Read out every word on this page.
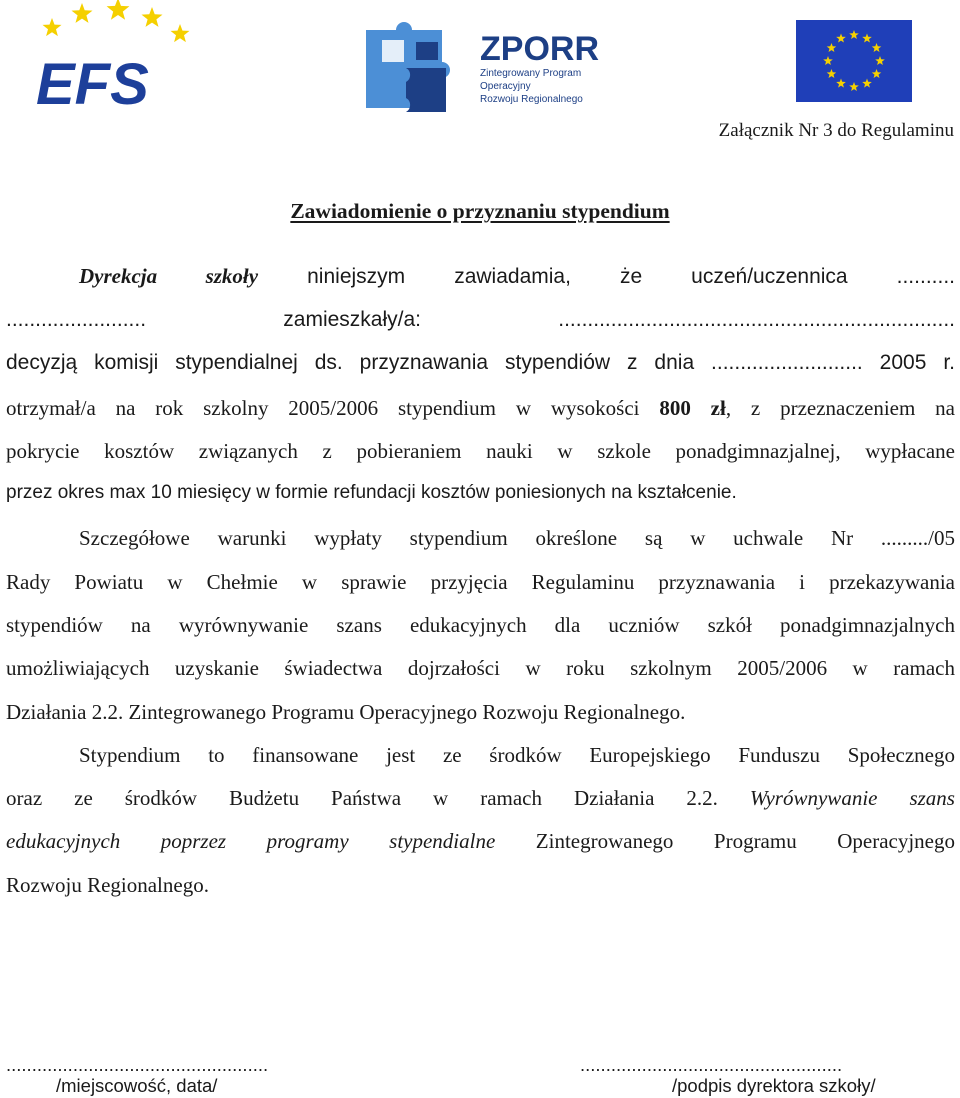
EFS
ZPORR
Zintegrowany Program
Operacyjny
Rozwoju Regionalnego
Załącznik Nr 3 do Regulaminu
Zawiadomienie o przyznaniu stypendium
Dyrekcja szkoły niniejszym zawiadamia, że uczeń/uczennica ..........
........................ zamieszkały/a: ....................................................................
decyzją komisji stypendialnej ds. przyznawania stypendiów z dnia .......................... 2005 r.
otrzymał/a na rok szkolny 2005/2006 stypendium w wysokości 800 zł, z przeznaczeniem na
pokrycie kosztów związanych z pobieraniem nauki w szkole ponadgimnazjalnej, wypłacane
przez okres max 10 miesięcy w formie refundacji kosztów poniesionych na kształcenie.
Szczegółowe warunki wypłaty stypendium określone są w uchwale Nr ........./05
Rady Powiatu w Chełmie w sprawie przyjęcia Regulaminu przyznawania i przekazywania
stypendiów na wyrównywanie szans edukacyjnych dla uczniów szkół ponadgimnazjalnych
umożliwiających uzyskanie świadectwa dojrzałości w roku szkolnym 2005/2006 w ramach
Działania 2.2. Zintegrowanego Programu Operacyjnego Rozwoju Regionalnego.
Stypendium to finansowane jest ze środków Europejskiego Funduszu Społecznego
oraz ze środków Budżetu Państwa w ramach Działania 2.2. Wyrównywanie szans
edukacyjnych poprzez programy stypendialne Zintegrowanego Programu Operacyjnego
Rozwoju Regionalnego.
...................................................
/miejscowość, data/
...................................................
/podpis dyrektora szkoły/
